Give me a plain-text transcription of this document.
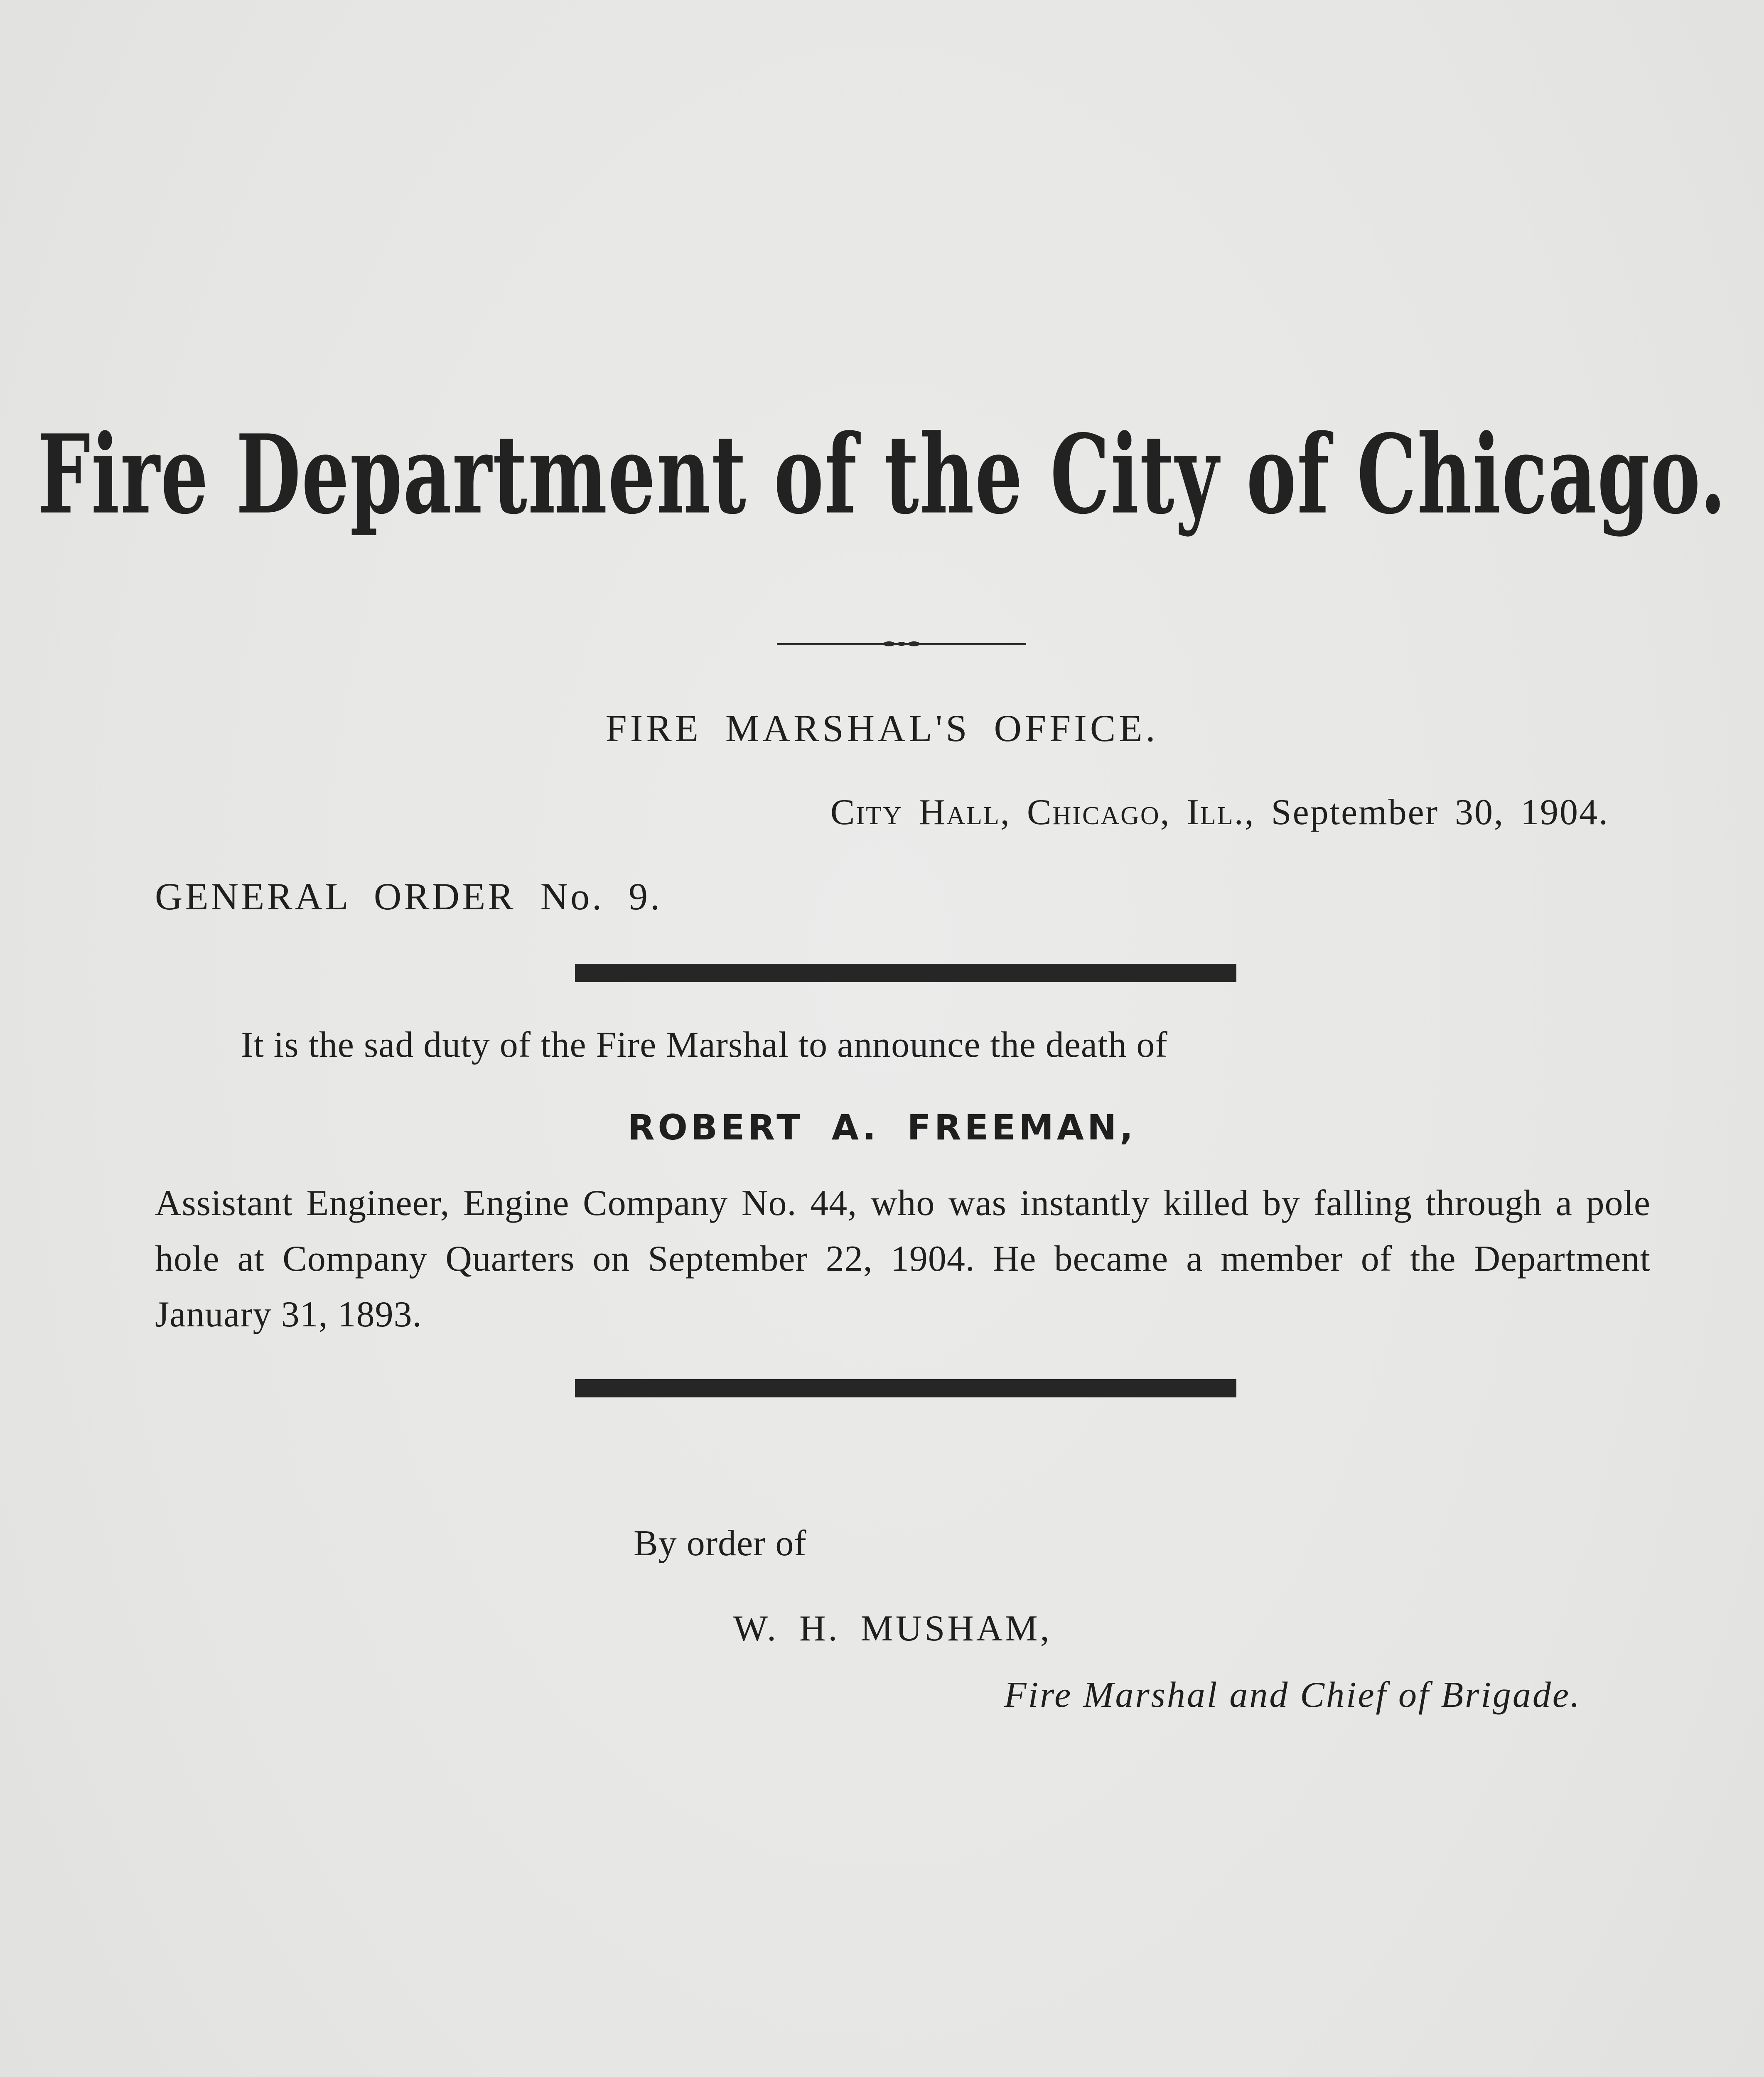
Fire Department of the City of Chicago.
FIRE MARSHAL'S OFFICE.
City Hall, Chicago, Ill., September 30, 1904.
GENERAL ORDER No. 9.
It is the sad duty of the Fire Marshal to announce the death of
ROBERT A. FREEMAN,
Assistant Engineer, Engine Company No. 44, who was instantly killed by falling through a pole hole at Company Quarters on September 22, 1904. He became a member of the Department January 31, 1893.
By order of
W. H. MUSHAM,
Fire Marshal and Chief of Brigade.
